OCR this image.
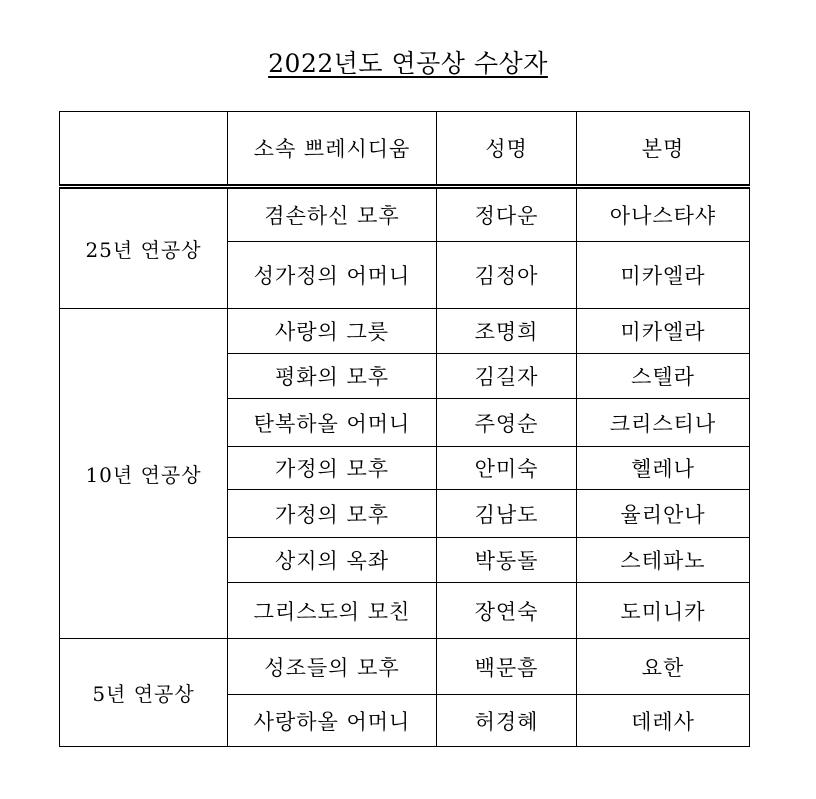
2022년도 연공상 수상자
	소속 쁘레시디움	성명	본명
25년 연공상	겸손하신 모후	정다운	아나스타샤
	성가정의 어머니	김정아	미카엘라
10년 연공상	사랑의 그릇	조명희	미카엘라
	평화의 모후	김길자	스텔라
	탄복하올 어머니	주영순	크리스티나
	가정의 모후	안미숙	헬레나
	가정의 모후	김남도	율리안나
	상지의 옥좌	박동돌	스테파노
	그리스도의 모친	장연숙	도미니카
5년 연공상	성조들의 모후	백문흠	요한
	사랑하올 어머니	허경혜	데레사
